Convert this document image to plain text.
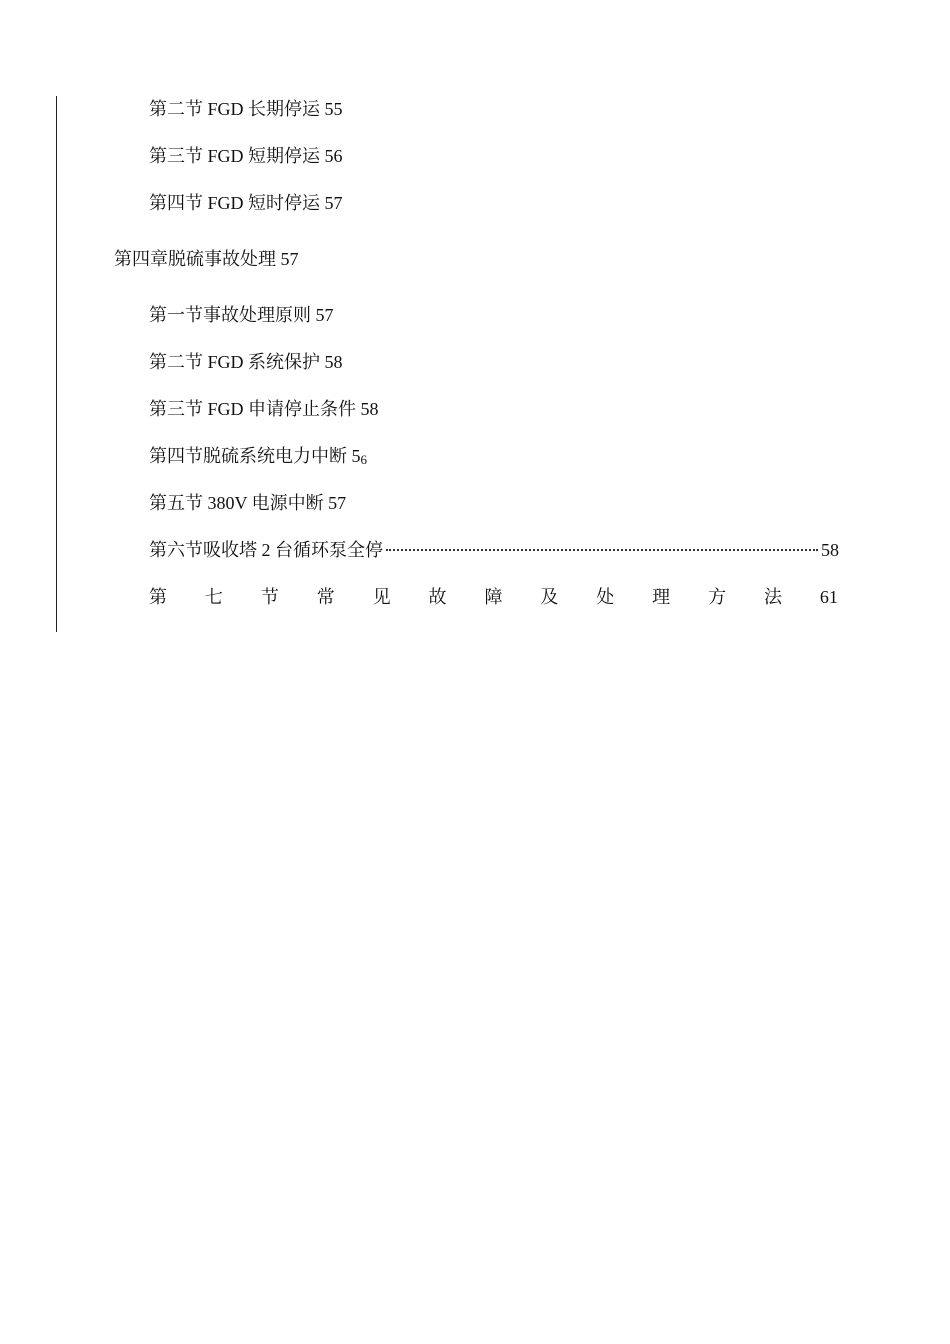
第二节 FGD 长期停运 55
第三节 FGD 短期停运 56
第四节 FGD 短时停运 57
第四章脱硫事故处理 57
第一节事故处理原则 57
第二节 FGD 系统保护 58
第三节 FGD 申请停止条件 58
第四节脱硫系统电力中断 56
第五节 380V 电源中断 57
第六节吸收塔 2 台循环泵全停	58
第 七 节 常 见 故 障 及 处 理 方 法 61
